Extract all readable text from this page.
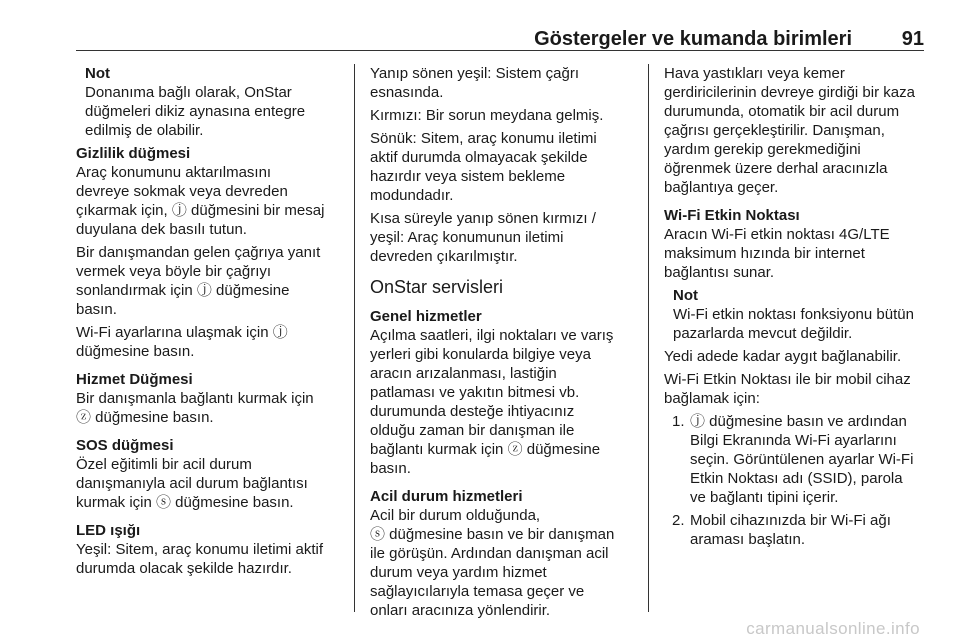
Göstergeler ve kumanda birimleri 91
Not
Donanıma bağlı olarak, OnStar
düğmeleri dikiz aynasına entegre
edilmiş de olabilir.
Gizlilik düğmesi

Araç konumunu aktarılmasını
devreye sokmak veya devreden
çıkarmak için, ⓙ düğmesini bir mesaj
duyulana dek basılı tutun.

Bir danışmandan gelen çağrıya yanıt
vermek veya böyle bir çağrıyı
sonlandırmak için ⓙ düğmesine
basın.

Wi-Fi ayarlarına ulaşmak için ⓙ
düğmesine basın.

Hizmet Düğmesi

Bir danışmanla bağlantı kurmak için
ⓩ düğmesine basın.

SOS düğmesi

Özel eğitimli bir acil durum
danışmanıyla acil durum bağlantısı
kurmak için ⓢ düğmesine basın.

LED ışığı

Yeşil: Sitem, araç konumu iletimi aktif
durumda olacak şekilde hazırdır.

Yanıp sönen yeşil: Sistem çağrı
esnasında.

Kırmızı: Bir sorun meydana gelmiş.

Sönük: Sitem, araç konumu iletimi
aktif durumda olmayacak şekilde
hazırdır veya sistem bekleme
modundadır.

Kısa süreyle yanıp sönen kırmızı /
yeşil: Araç konumunun iletimi
devreden çıkarılmıştır.

OnStar servisleri
Genel hizmetler

Açılma saatleri, ilgi noktaları ve varış
yerleri gibi konularda bilgiye veya
aracın arızalanması, lastiğin
patlaması ve yakıtın bitmesi vb.
durumunda desteğe ihtiyacınız
olduğu zaman bir danışman ile
bağlantı kurmak için ⓩ düğmesine
basın.

Acil durum hizmetleri

Acil bir durum olduğunda,
ⓢ düğmesine basın ve bir danışman
ile görüşün. Ardından danışman acil
durum veya yardım hizmet
sağlayıcılarıyla temasa geçer ve
onları aracınıza yönlendirir.

Hava yastıkları veya kemer
gerdiricilerinin devreye girdiği bir kaza
durumunda, otomatik bir acil durum
çağrısı gerçekleştirilir. Danışman,
yardım gerekip gerekmediğini
öğrenmek üzere derhal aracınızla
bağlantıya geçer.

Wi-Fi Etkin Noktası

Aracın Wi-Fi etkin noktası 4G/LTE
maksimum hızında bir internet
bağlantısı sunar.

Not
Wi-Fi etkin noktası fonksiyonu bütün
pazarlarda mevcut değildir.

Yedi adede kadar aygıt bağlanabilir.

Wi-Fi Etkin Noktası ile bir mobil cihaz
bağlamak için:

1. ⓙ düğmesine basın ve ardından
Bilgi Ekranında Wi-Fi ayarlarını
seçin. Görüntülenen ayarlar Wi-Fi
Etkin Noktası adı (SSID), parola
ve bağlantı tipini içerir.
2. Mobil cihazınızda bir Wi-Fi ağı
araması başlatın.
carmanualsonline.info
